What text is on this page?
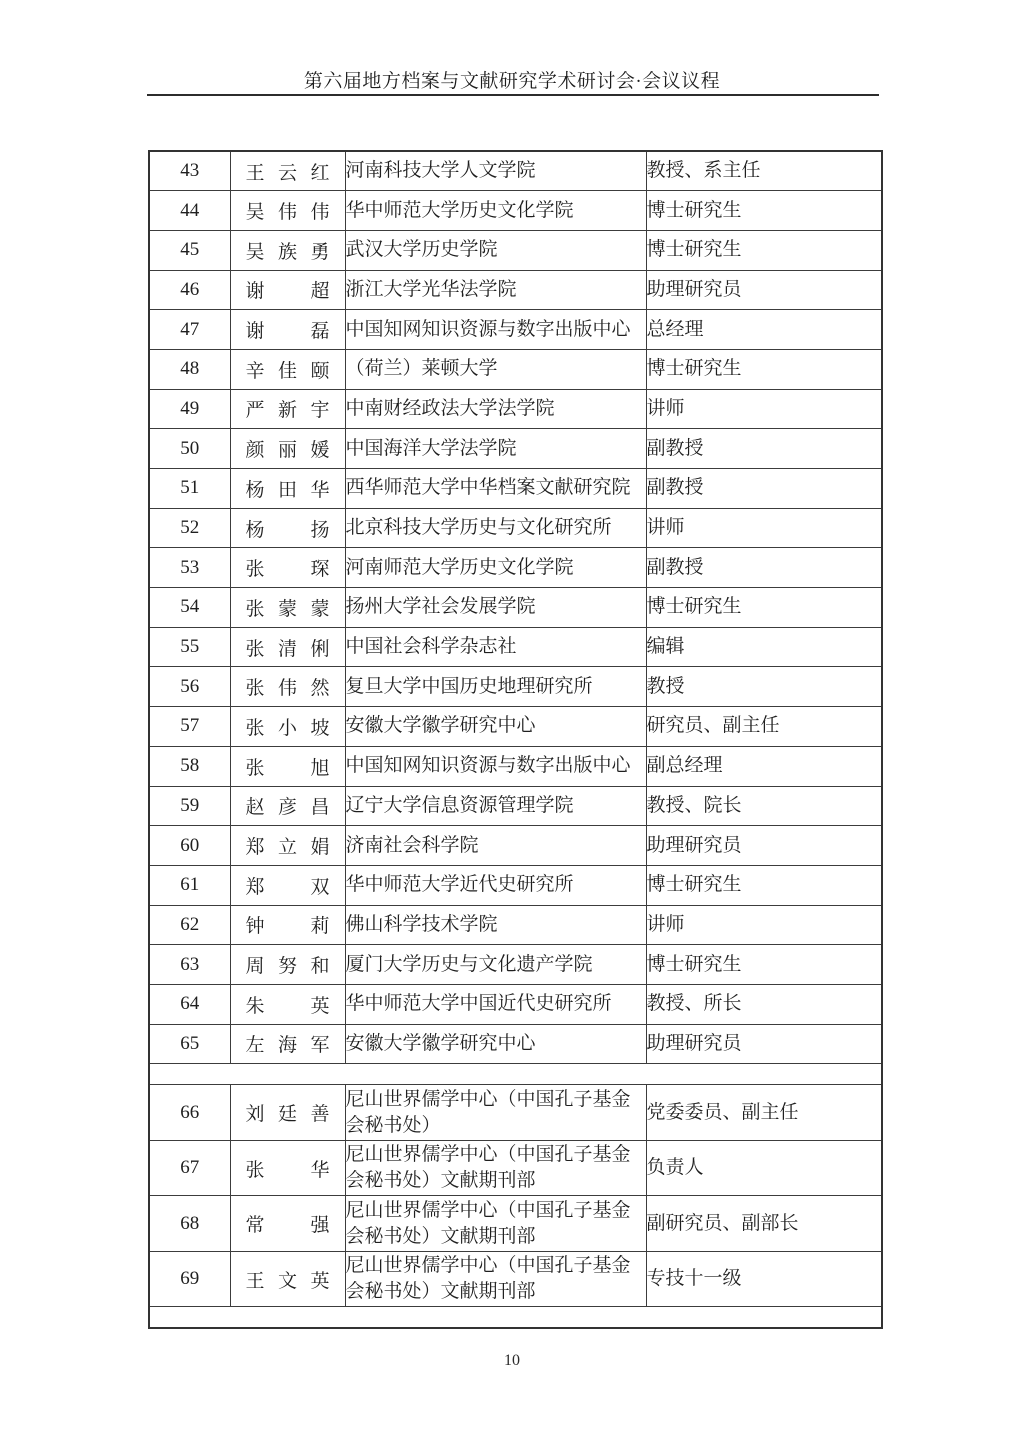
第六届地方档案与文献研究学术研讨会·会议议程
43	王云红	河南科技大学人文学院	教授、系主任
44	吴伟伟	华中师范大学历史文化学院	博士研究生
45	吴族勇	武汉大学历史学院	博士研究生
46	谢超	浙江大学光华法学院	助理研究员
47	谢磊	中国知网知识资源与数字出版中心	总经理
48	辛佳颐	（荷兰）莱顿大学	博士研究生
49	严新宇	中南财经政法大学法学院	讲师
50	颜丽媛	中国海洋大学法学院	副教授
51	杨田华	西华师范大学中华档案文献研究院	副教授
52	杨扬	北京科技大学历史与文化研究所	讲师
53	张琛	河南师范大学历史文化学院	副教授
54	张蒙蒙	扬州大学社会发展学院	博士研究生
55	张清俐	中国社会科学杂志社	编辑
56	张伟然	复旦大学中国历史地理研究所	教授
57	张小坡	安徽大学徽学研究中心	研究员、副主任
58	张旭	中国知网知识资源与数字出版中心	副总经理
59	赵彦昌	辽宁大学信息资源管理学院	教授、院长
60	郑立娟	济南社会科学院	助理研究员
61	郑双	华中师范大学近代史研究所	博士研究生
62	钟莉	佛山科学技术学院	讲师
63	周努和	厦门大学历史与文化遗产学院	博士研究生
64	朱英	华中师范大学中国近代史研究所	教授、所长
65	左海军	安徽大学徽学研究中心	助理研究员

66	刘廷善	尼山世界儒学中心（中国孔子基金会秘书处）	党委委员、副主任
67	张华	尼山世界儒学中心（中国孔子基金会秘书处）文献期刊部	负责人
68	常强	尼山世界儒学中心（中国孔子基金会秘书处）文献期刊部	副研究员、副部长
69	王文英	尼山世界儒学中心（中国孔子基金会秘书处）文献期刊部	专技十一级

10
